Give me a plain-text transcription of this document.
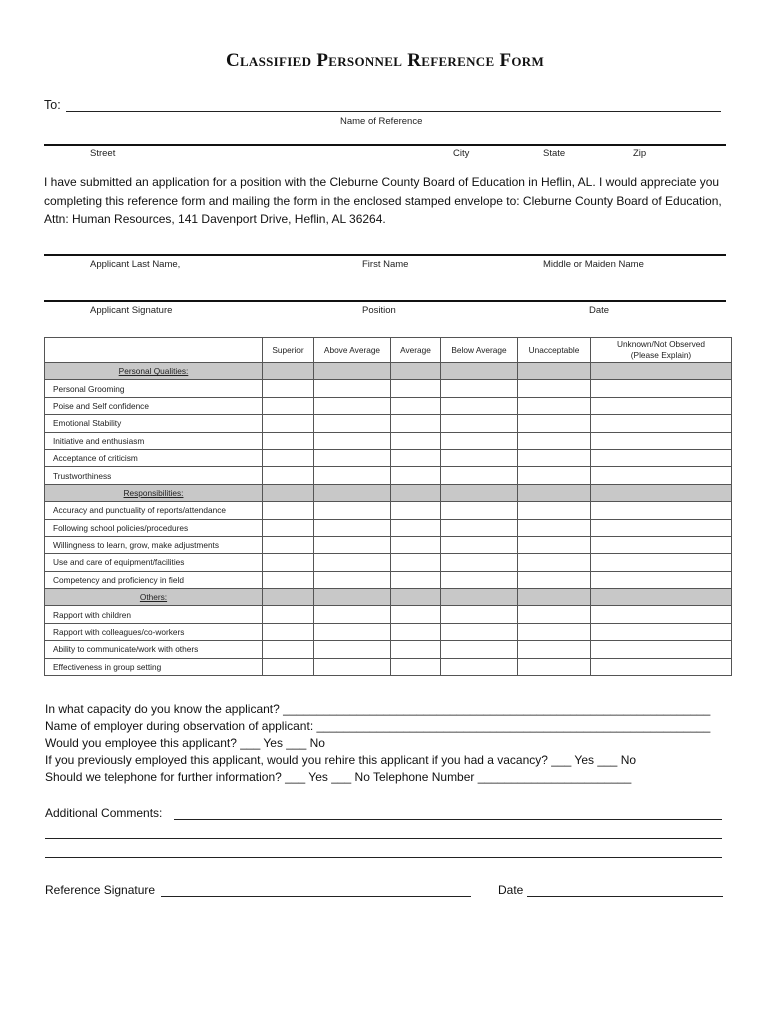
Classified Personnel Reference Form
To:
Name of Reference
Street	City	State	Zip
I have submitted an application for a position with the Cleburne County Board of Education in Heflin, AL. I would appreciate you completing this reference form and mailing the form in the enclosed stamped envelope to: Cleburne County Board of Education, Attn: Human Resources, 141 Davenport Drive, Heflin, AL 36264.
Applicant Last Name,	First Name	Middle or Maiden Name
Applicant Signature	Position	Date
	Superior	Above Average	Average	Below Average	Unacceptable	Unknown/Not Observed
(Please Explain)

Personal Qualities:						
Personal Grooming						
Poise and Self confidence						
Emotional Stability						
Initiative and enthusiasm						
Acceptance of criticism						
Trustworthiness						
Responsibilities:						
Accuracy and punctuality of reports/attendance						
Following school policies/procedures						
Willingness to learn, grow, make adjustments						
Use and care of equipment/facilities						
Competency and proficiency in field						
Others:						
Rapport with children						
Rapport with colleagues/co-workers						
Ability to communicate/work with others						
Effectiveness in group setting						
In what capacity do you know the applicant? ________________________________________________________________
Name of employer during observation of applicant: ___________________________________________________________
Would you employee this applicant? ___ Yes ___ No
If you previously employed this applicant, would you rehire this applicant if you had a vacancy? ___ Yes ___ No
Should we telephone for further information? ___ Yes ___ No Telephone Number _______________________
Additional Comments:
Reference Signature	Date
